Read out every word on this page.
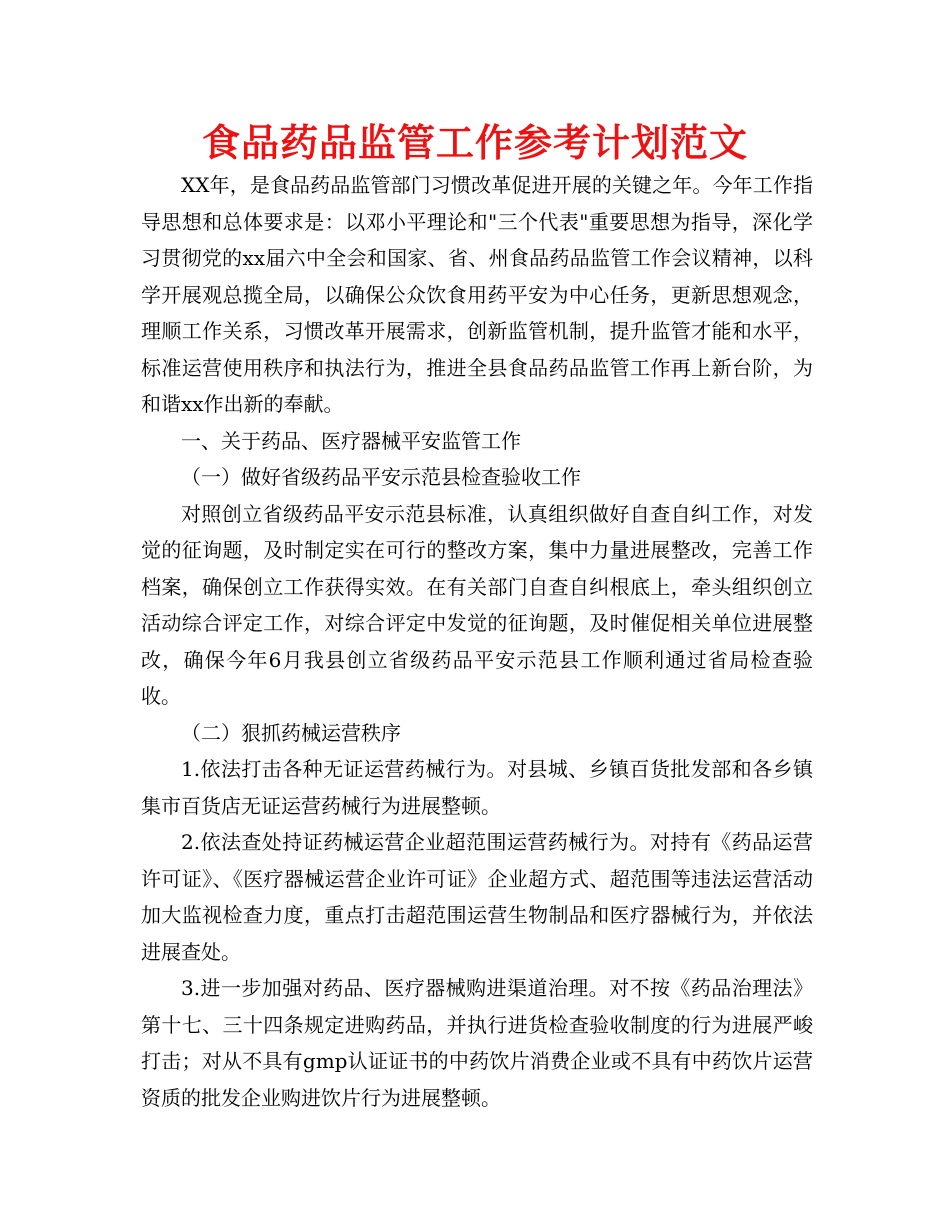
食品药品监管工作参考计划范文

XX年，是食品药品监管部门习惯改革促进开展的关键之年。今年工作指导思想和总体要求是：以邓小平理论和"三个代表"重要思想为指导，深化学习贯彻党的xx届六中全会和国家、省、州食品药品监管工作会议精神，以科学开展观总揽全局，以确保公众饮食用药平安为中心任务，更新思想观念，理顺工作关系，习惯改革开展需求，创新监管机制，提升监管才能和水平，标准运营使用秩序和执法行为，推进全县食品药品监管工作再上新台阶，为和谐xx作出新的奉献。

一、关于药品、医疗器械平安监管工作

（一）做好省级药品平安示范县检查验收工作

对照创立省级药品平安示范县标准，认真组织做好自查自纠工作，对发觉的征询题，及时制定实在可行的整改方案，集中力量进展整改，完善工作档案，确保创立工作获得实效。在有关部门自查自纠根底上，牵头组织创立活动综合评定工作，对综合评定中发觉的征询题，及时催促相关单位进展整改，确保今年6月我县创立省级药品平安示范县工作顺利通过省局检查验收。

（二）狠抓药械运营秩序

1.依法打击各种无证运营药械行为。对县城、乡镇百货批发部和各乡镇集市百货店无证运营药械行为进展整顿。

2.依法查处持证药械运营企业超范围运营药械行为。对持有《药品运营许可证》、《医疗器械运营企业许可证》企业超方式、超范围等违法运营活动加大监视检查力度，重点打击超范围运营生物制品和医疗器械行为，并依法进展查处。

3.进一步加强对药品、医疗器械购进渠道治理。对不按《药品治理法》第十七、三十四条规定进购药品，并执行进货检查验收制度的行为进展严峻打击；对从不具有gmp认证证书的中药饮片消费企业或不具有中药饮片运营资质的批发企业购进饮片行为进展整顿。
